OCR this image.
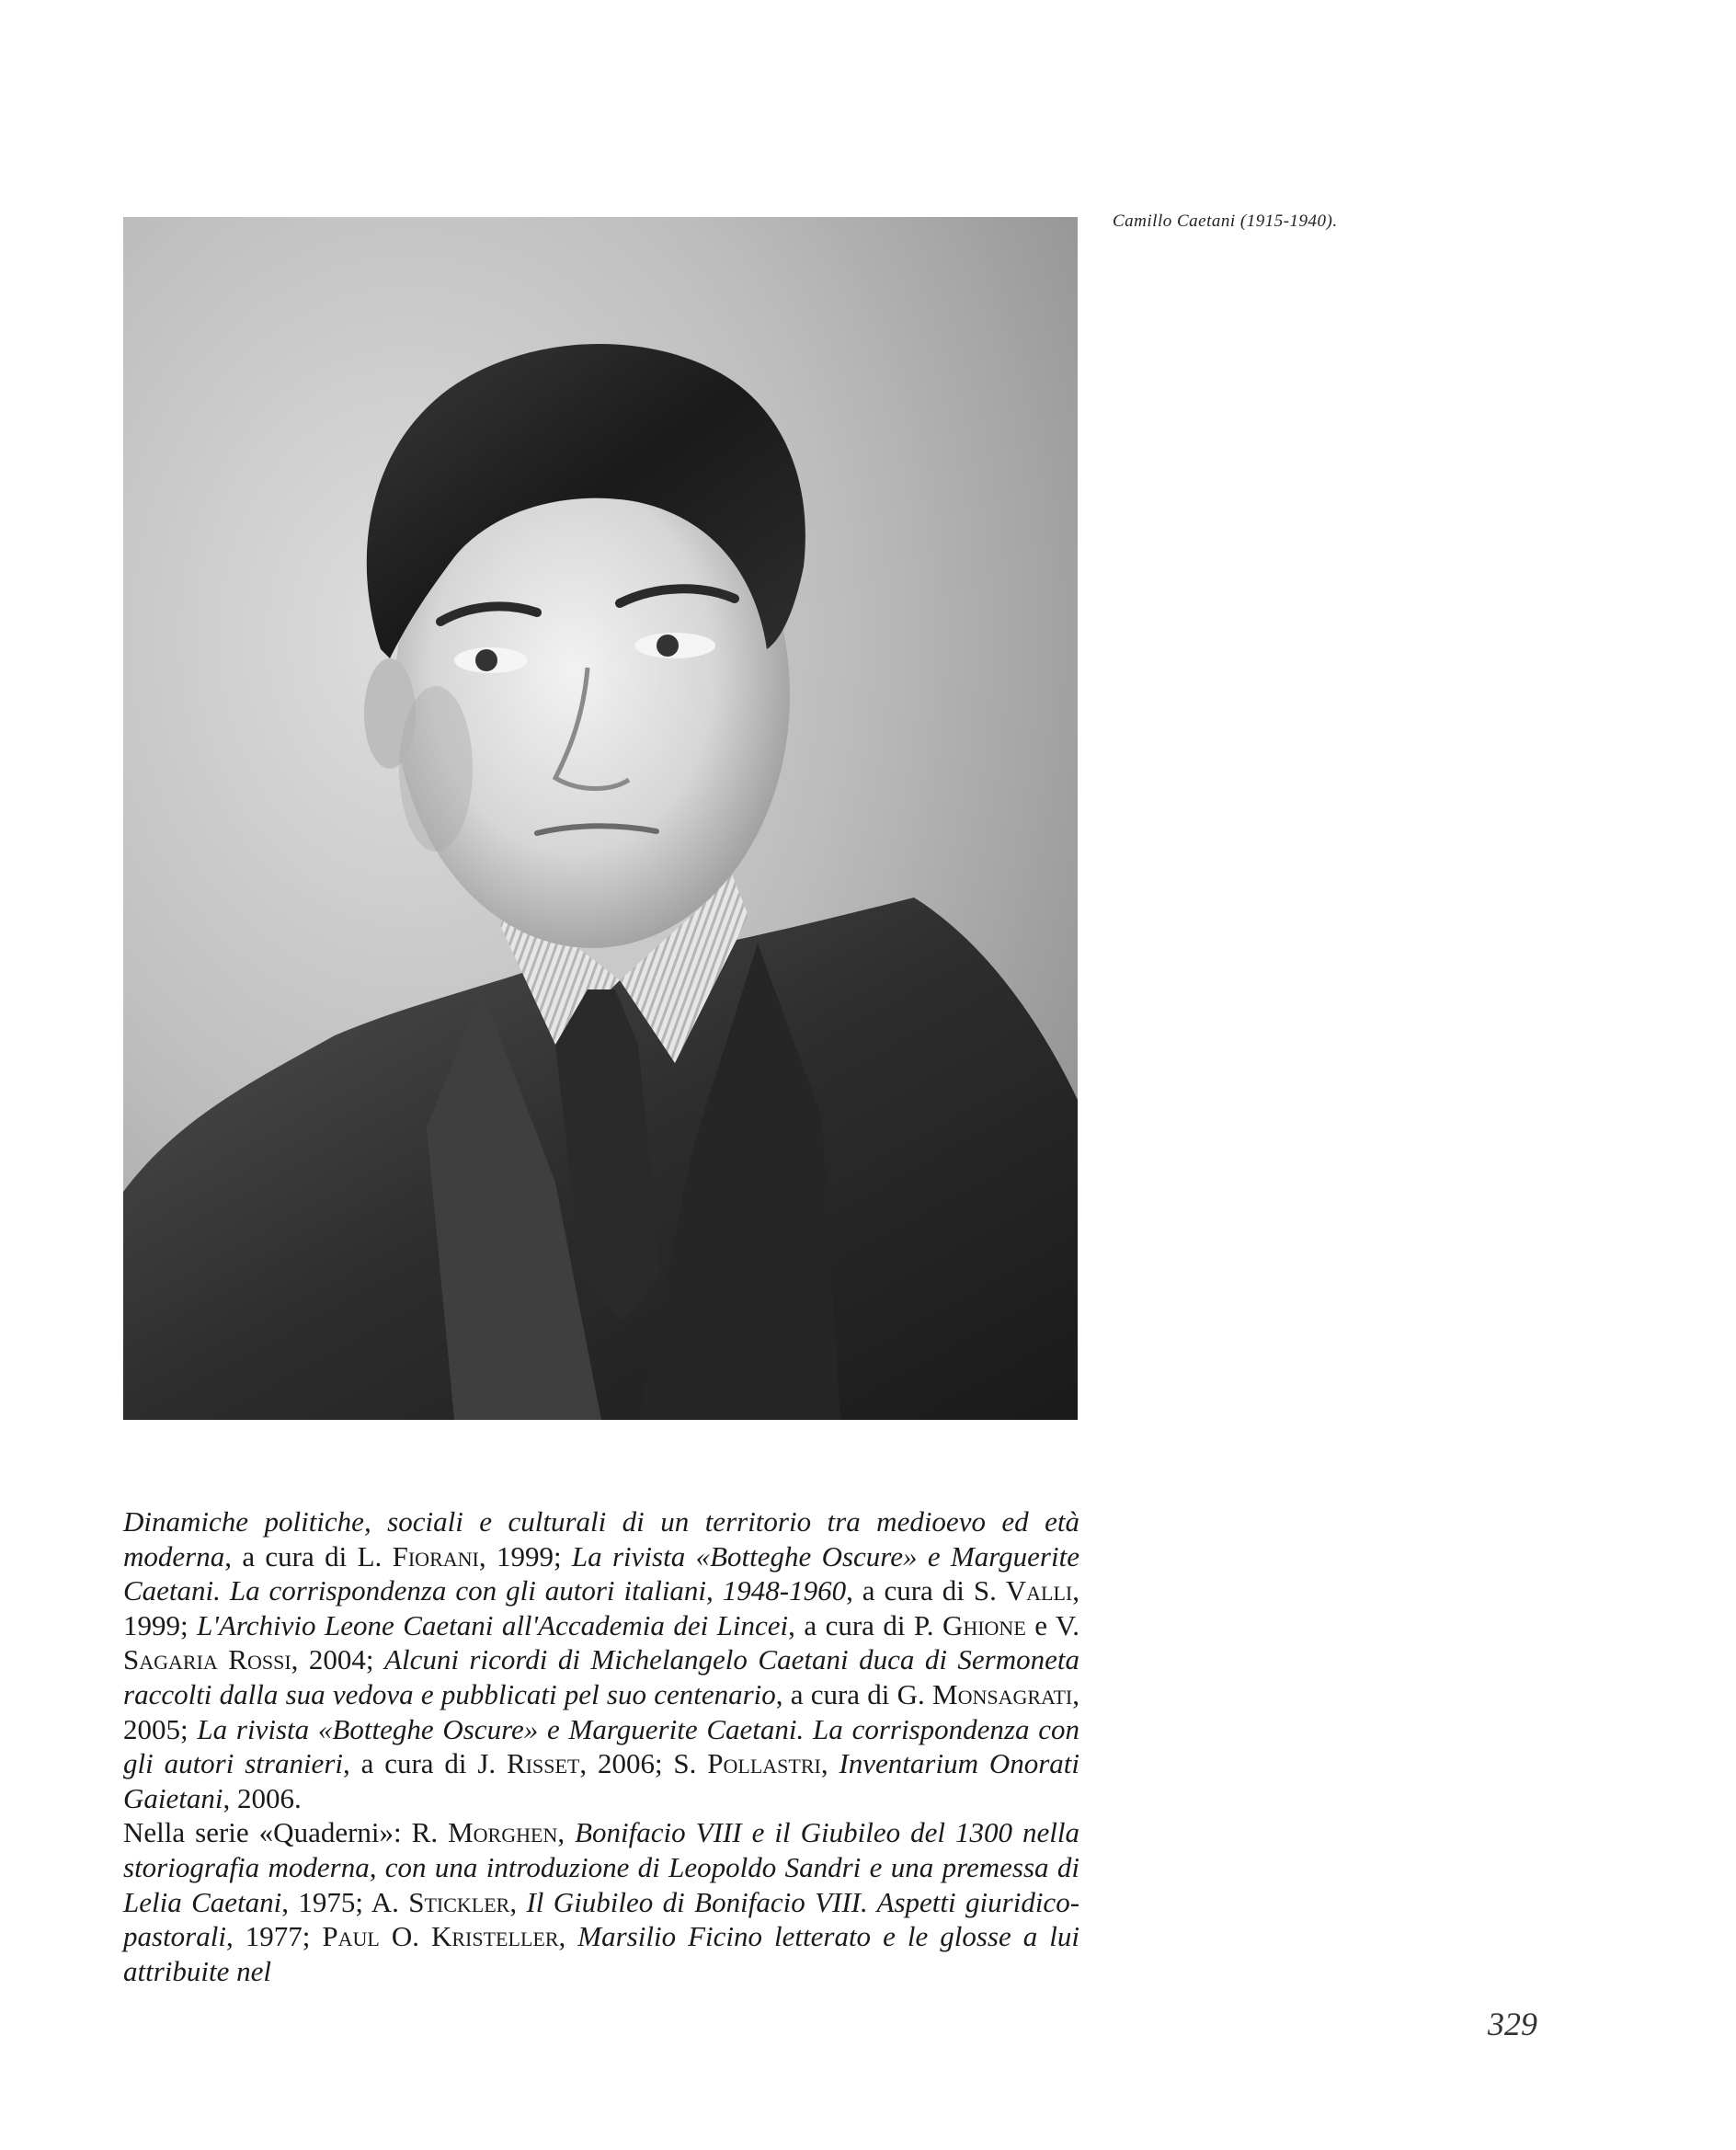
Camillo Caetani (1915-1940).

Dinamiche politiche, sociali e culturali di un territorio tra medioevo ed età moderna, a cura di L. Fiorani, 1999; La rivista «Botteghe Oscure» e Marguerite Caetani. La corrispondenza con gli autori italiani, 1948-1960, a cura di S. Valli, 1999; L'Archivio Leone Caetani all'Accademia dei Lincei, a cura di P. Ghione e V. Sagaria Rossi, 2004; Alcuni ricordi di Michelangelo Caetani duca di Sermoneta raccolti dalla sua vedova e pubblicati pel suo centenario, a cura di G. Monsagrati, 2005; La rivista «Botteghe Oscure» e Marguerite Caetani. La corrispondenza con gli autori stranieri, a cura di J. Risset, 2006; S. Pollastri, Inventarium Onorati Gaietani, 2006.

Nella serie «Quaderni»: R. Morghen, Bonifacio VIII e il Giubileo del 1300 nella storiografia moderna, con una introduzione di Leopoldo Sandri e una premessa di Lelia Caetani, 1975; A. Stickler, Il Giubileo di Bonifacio VIII. Aspetti giuridico-pastorali, 1977; Paul O. Kristeller, Marsilio Ficino letterato e le glosse a lui attribuite nel

329
